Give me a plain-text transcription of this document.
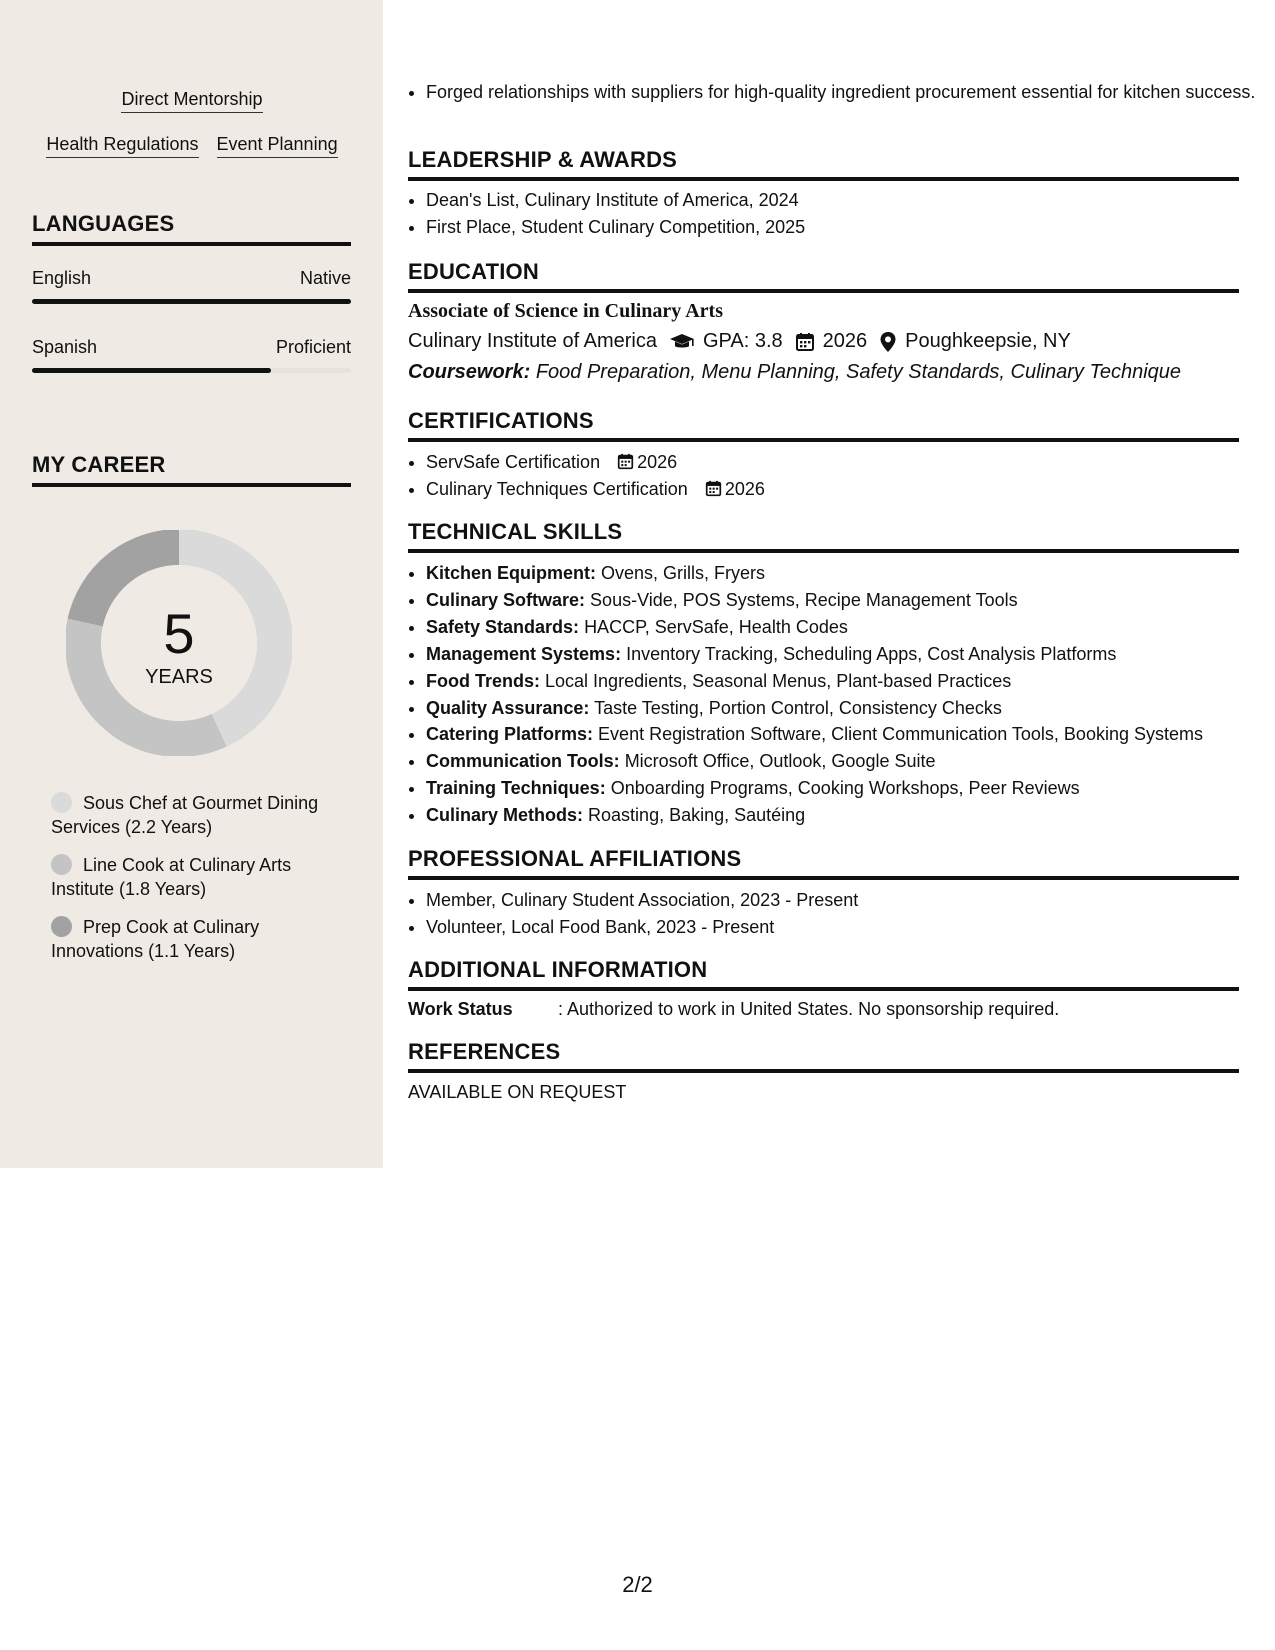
Direct Mentorship
Health Regulations Event Planning
LANGUAGES
English	Native
Spanish	Proficient
MY CAREER
5
YEARS
Sous Chef at Gourmet Dining Services (2.2 Years)
Line Cook at Culinary Arts Institute (1.8 Years)
Prep Cook at Culinary Innovations (1.1 Years)
• Forged relationships with suppliers for high-quality ingredient procurement essential for kitchen success.
LEADERSHIP & AWARDS
• Dean's List, Culinary Institute of America, 2024
• First Place, Student Culinary Competition, 2025
EDUCATION
Associate of Science in Culinary Arts
Culinary Institute of America GPA: 3.8 2026 Poughkeepsie, NY
Coursework: Food Preparation, Menu Planning, Safety Standards, Culinary Technique
CERTIFICATIONS
• ServSafe Certification 2026
• Culinary Techniques Certification 2026
TECHNICAL SKILLS
• Kitchen Equipment: Ovens, Grills, Fryers
• Culinary Software: Sous-Vide, POS Systems, Recipe Management Tools
• Safety Standards: HACCP, ServSafe, Health Codes
• Management Systems: Inventory Tracking, Scheduling Apps, Cost Analysis Platforms
• Food Trends: Local Ingredients, Seasonal Menus, Plant-based Practices
• Quality Assurance: Taste Testing, Portion Control, Consistency Checks
• Catering Platforms: Event Registration Software, Client Communication Tools, Booking Systems
• Communication Tools: Microsoft Office, Outlook, Google Suite
• Training Techniques: Onboarding Programs, Cooking Workshops, Peer Reviews
• Culinary Methods: Roasting, Baking, Sautéing
PROFESSIONAL AFFILIATIONS
• Member, Culinary Student Association, 2023 - Present
• Volunteer, Local Food Bank, 2023 - Present
ADDITIONAL INFORMATION
Work Status	: Authorized to work in United States. No sponsorship required.
REFERENCES
AVAILABLE ON REQUEST
2/2
